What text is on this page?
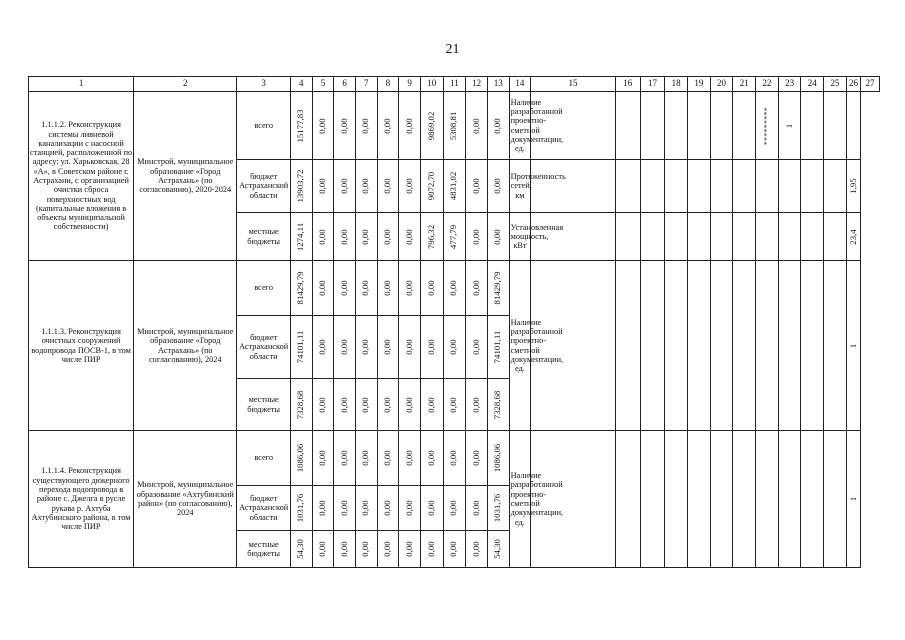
21
1	2	3	4	5	6	7	8	9	10	11	12	13	14	15	16	17	18	19	20	21	22	23	24	25	26	27
1.1.1.2. Реконструкция системы ливневой канализации с насосной станцией, расположенной по адресу: ул. Харьковская, 28 «А», в Советском районе г. Астрахани, с организацией очистки сброса поверхностных вод (капитальные вложения в объекты муниципальной собственности)	Минстрой, муниципальное образование «Город Астрахань» (по согласованию), 2020-2024	всего	15177,83	0,00	0,00	0,00	0,00	0,00	9869,02	5308,81	0,00	0,00	Наличие разработанной проектно-сметной документации, ед.								*********	1				

		бюджет Астраханской области	13903,72	0,00	0,00	0,00	0,00	0,00	9072,70	4831,02	0,00	0,00	Протяженность сетей, км												1,95	

		местные бюджеты	1274,11	0,00	0,00	0,00	0,00	0,00	796,32	477,79	0,00	0,00	Установленная мощность, кВт												23,4	

1.1.1.3. Реконструкция очистных сооружений водопровода ПОСВ-1, в том числе ПИР	Минстрой, муниципальное образование «Город Астрахань» (по согласованию), 2024	всего	81429,79	0,00	0,00	0,00	0,00	0,00	0,00	0,00	0,00	81429,79	Наличие разработанной проектно-сметной документации, ед.												1	

		бюджет Астраханской области	74101,11	0,00	0,00	0,00	0,00	0,00	0,00	0,00	0,00	74101,11														

		местные бюджеты	7328,68	0,00	0,00	0,00	0,00	0,00	0,00	0,00	0,00	7328,68														

1.1.1.4. Реконструкция существующего дюкерного перехода водопровода в районе с. Джелга в русле рукава р. Ахтуба Ахтубинского района, в том числе ПИР	Минстрой, муниципальное образование «Ахтубинский район» (по согласованию), 2024	всего	1086,06	0,00	0,00	0,00	0,00	0,00	0,00	0,00	0,00	1086,06	Наличие разработанной проектно-сметной документации, ед.												1	

		бюджет Астраханской области	1031,76	0,00	0,00	0,00	0,00	0,00	0,00	0,00	0,00	1031,76														

		местные бюджеты	54,30	0,00	0,00	0,00	0,00	0,00	0,00	0,00	0,00	54,30														
